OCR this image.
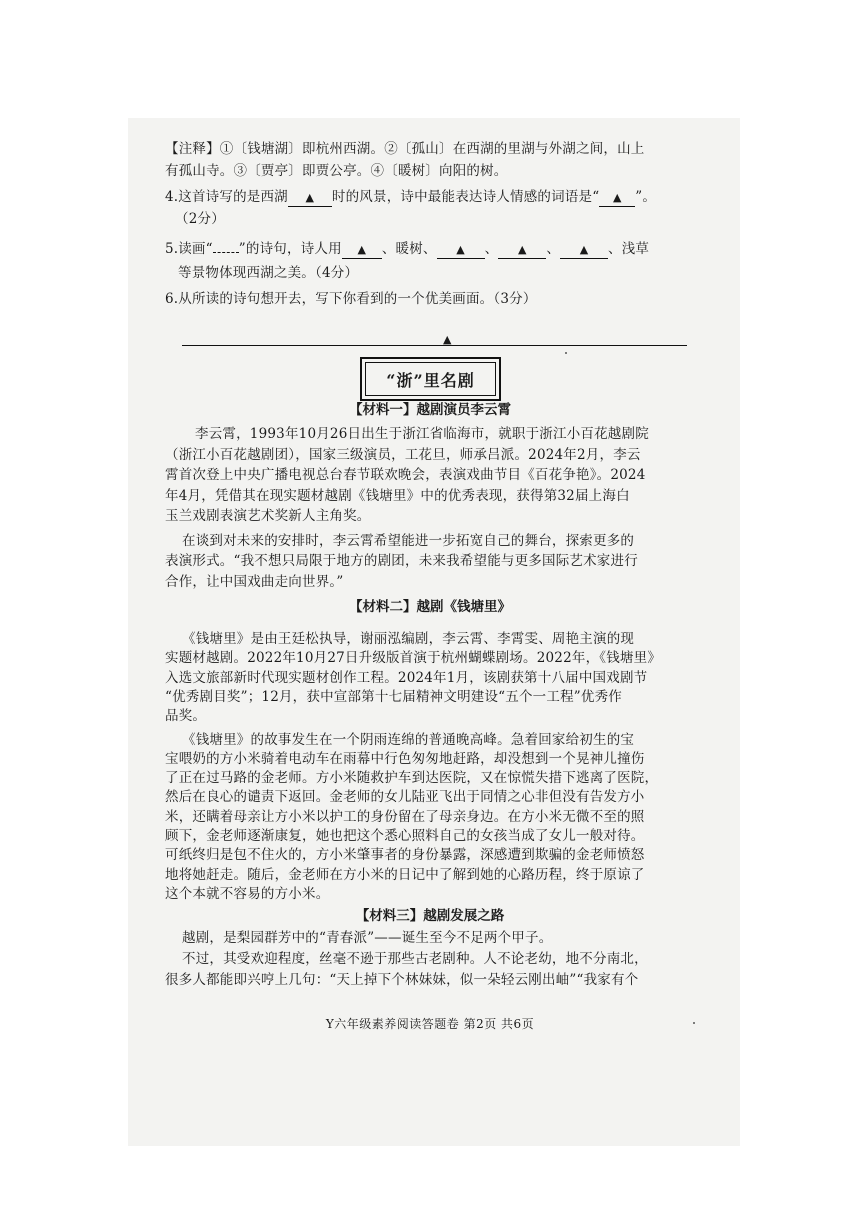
【注释】①〔钱塘湖〕即杭州西湖。②〔孤山〕在西湖的里湖与外湖之间，山上
有孤山寺。③〔贾亭〕即贾公亭。④〔暖树〕向阳的树。
4.这首诗写的是西湖 ▲ 时的风景，诗中最能表达诗人情感的词语是“ ▲ ”。
（2分）
5.读画“ ”的诗句，诗人用 ▲ 、暖树、 ▲ 、 ▲ 、 ▲ 、浅草
等景物体现西湖之美。（4分）
6.从所读的诗句想开去，写下你看到的一个优美画面。（3分）
▲
“浙”里名剧
【材料一】越剧演员李云霄
李云霄，1993年10月26日出生于浙江省临海市，就职于浙江小百花越剧院
（浙江小百花越剧团），国家三级演员，工花旦，师承吕派。2024年2月，李云
霄首次登上中央广播电视总台春节联欢晚会，表演戏曲节目《百花争艳》。2024
年4月，凭借其在现实题材越剧《钱塘里》中的优秀表现，获得第32届上海白
玉兰戏剧表演艺术奖新人主角奖。
在谈到对未来的安排时，李云霄希望能进一步拓宽自己的舞台，探索更多的
表演形式。“我不想只局限于地方的剧团，未来我希望能与更多国际艺术家进行
合作，让中国戏曲走向世界。”
【材料二】越剧《钱塘里》
《钱塘里》是由王廷松执导，谢丽泓编剧，李云霄、李霄雯、周艳主演的现
实题材越剧。2022年10月27日升级版首演于杭州蝴蝶剧场。2022年，《钱塘里》
入选文旅部新时代现实题材创作工程。2024年1月，该剧获第十八届中国戏剧节
“优秀剧目奖”；12月，获中宣部第十七届精神文明建设“五个一工程”优秀作
品奖。
《钱塘里》的故事发生在一个阴雨连绵的普通晚高峰。急着回家给初生的宝
宝喂奶的方小米骑着电动车在雨幕中行色匆匆地赶路，却没想到一个晃神儿撞伤
了正在过马路的金老师。方小米随救护车到达医院，又在惊慌失措下逃离了医院，
然后在良心的谴责下返回。金老师的女儿陆亚飞出于同情之心非但没有告发方小
米，还瞒着母亲让方小米以护工的身份留在了母亲身边。在方小米无微不至的照
顾下，金老师逐渐康复，她也把这个悉心照料自己的女孩当成了女儿一般对待。
可纸终归是包不住火的，方小米肇事者的身份暴露，深感遭到欺骗的金老师愤怒
地将她赶走。随后，金老师在方小米的日记中了解到她的心路历程，终于原谅了
这个本就不容易的方小米。
【材料三】越剧发展之路
越剧，是梨园群芳中的“青春派”——诞生至今不足两个甲子。
不过，其受欢迎程度，丝毫不逊于那些古老剧种。人不论老幼，地不分南北，
很多人都能即兴哼上几句：“天上掉下个林妹妹，似一朵轻云刚出岫”“我家有个
Y六年级素养阅读答题卷 第2页 共6页
